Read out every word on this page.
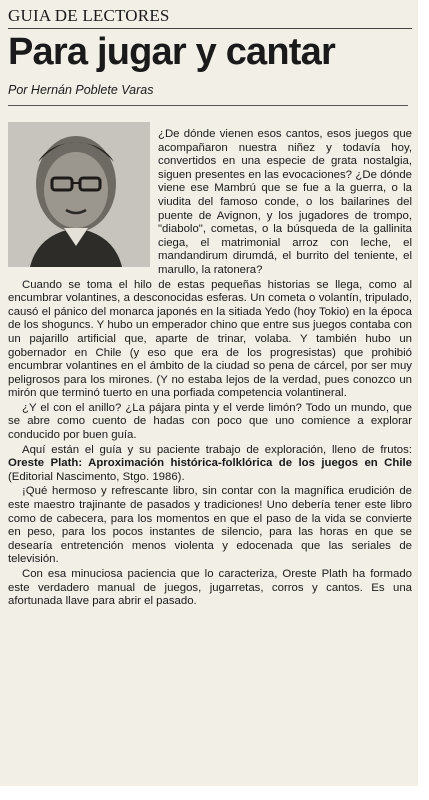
GUIA DE LECTORES
Para jugar y cantar
Por Hernán Poblete Varas

¿De dónde vienen esos cantos, esos juegos que acompañaron nuestra niñez y todavía hoy, convertidos en una especie de grata nostalgia, siguen presentes en las evocaciones? ¿De dónde viene ese Mambrú que se fue a la guerra, o la viudita del famoso conde, o los bailarines del puente de Avignon, y los jugadores de trompo, "diabolo", cometas, o la búsqueda de la gallinita ciega, el matrimonial arroz con leche, el mandandirum dirumdá, el burrito del teniente, el marullo, la ratonera?

Cuando se toma el hilo de estas pequeñas historias se llega, como al encumbrar volantines, a desconocidas esferas. Un cometa o volantín, tripulado, causó el pánico del monarca japonés en la sitiada Yedo (hoy Tokio) en la época de los shoguncs. Y hubo un emperador chino que entre sus juegos contaba con un pajarillo artificial que, aparte de trinar, volaba. Y también hubo un gobernador en Chile (y eso que era de los progresistas) que prohibió encumbrar volantines en el ámbito de la ciudad so pena de cárcel, por ser muy peligrosos para los mirones. (Y no estaba lejos de la verdad, pues conozco un mirón que terminó tuerto en una porfiada competencia volantineral.

¿Y el con el anillo? ¿La pájara pinta y el verde limón? Todo un mundo, que se abre como cuento de hadas con poco que uno comience a explorar conducido por buen guía.

Aquí están el guía y su paciente trabajo de exploración, lleno de frutos: Oreste Plath: Aproximación histórica-folklórica de los juegos en Chile (Editorial Nascimento, Stgo. 1986).

¡Qué hermoso y refrescante libro, sin contar con la magnífica erudición de este maestro trajinante de pasados y tradiciones! Uno debería tener este libro como de cabecera, para los momentos en que el paso de la vida se convierte en peso, para los pocos instantes de silencio, para las horas en que se desearía entretención menos violenta y edocenada que las seriales de televisión.

Con esa minuciosa paciencia que lo caracteriza, Oreste Plath ha formado este verdadero manual de juegos, jugarretas, corros y cantos. Es una afortunada llave para abrir el pasado.
